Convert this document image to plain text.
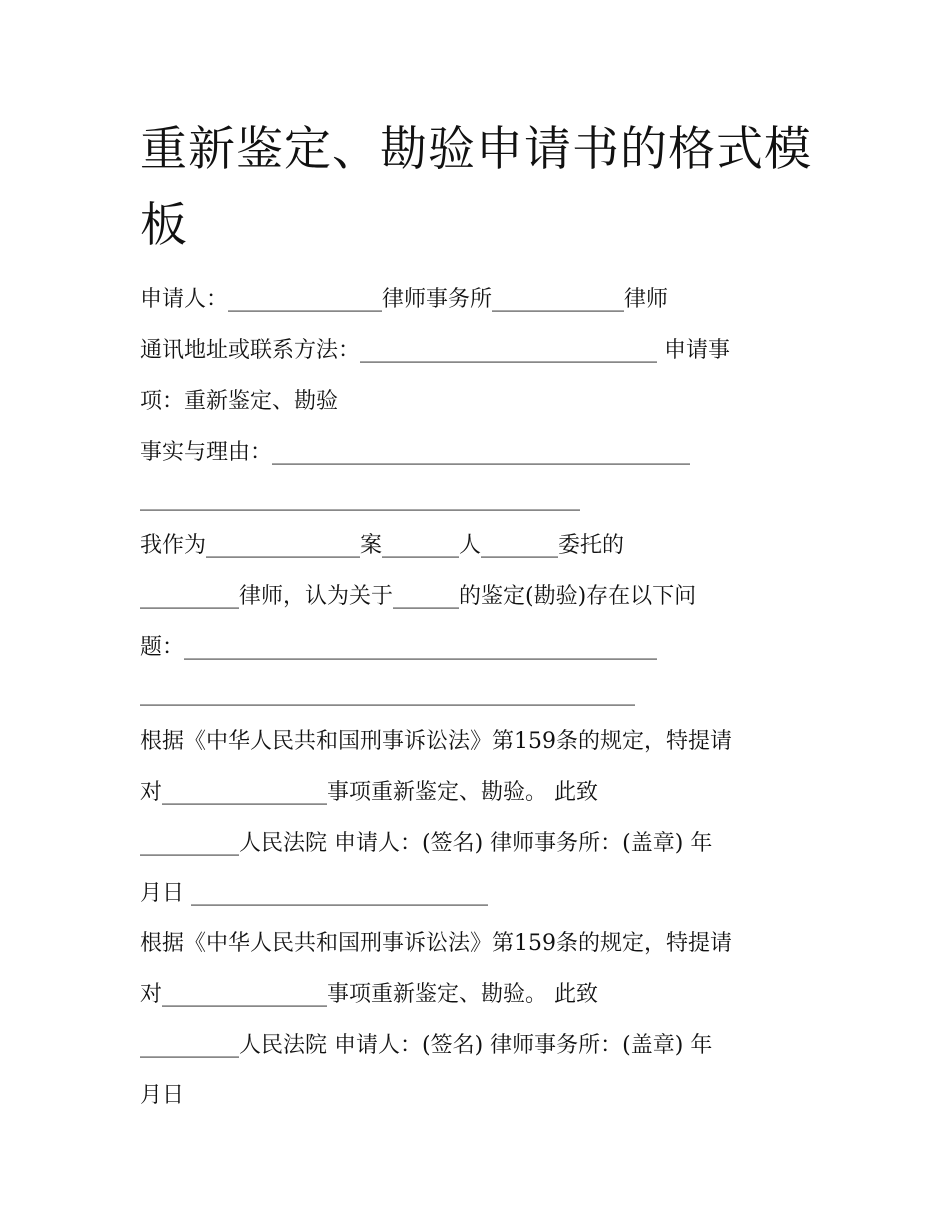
重新鉴定、勘验申请书的格式模板
申请人：______________律师事务所____________律师
通讯地址或联系方法：___________________________ 申请事
项：重新鉴定、勘验
事实与理由：______________________________________
________________________________________
我作为______________案_______人_______委托的
_________律师，认为关于______的鉴定(勘验)存在以下问
题：___________________________________________
_____________________________________________
根据《中华人民共和国刑事诉讼法》第159条的规定，特提请
对_______________事项重新鉴定、勘验。 此致
_________人民法院 申请人：(签名) 律师事务所：(盖章) 年
月日 ___________________________
根据《中华人民共和国刑事诉讼法》第159条的规定，特提请
对_______________事项重新鉴定、勘验。 此致
_________人民法院 申请人：(签名) 律师事务所：(盖章) 年
月日
